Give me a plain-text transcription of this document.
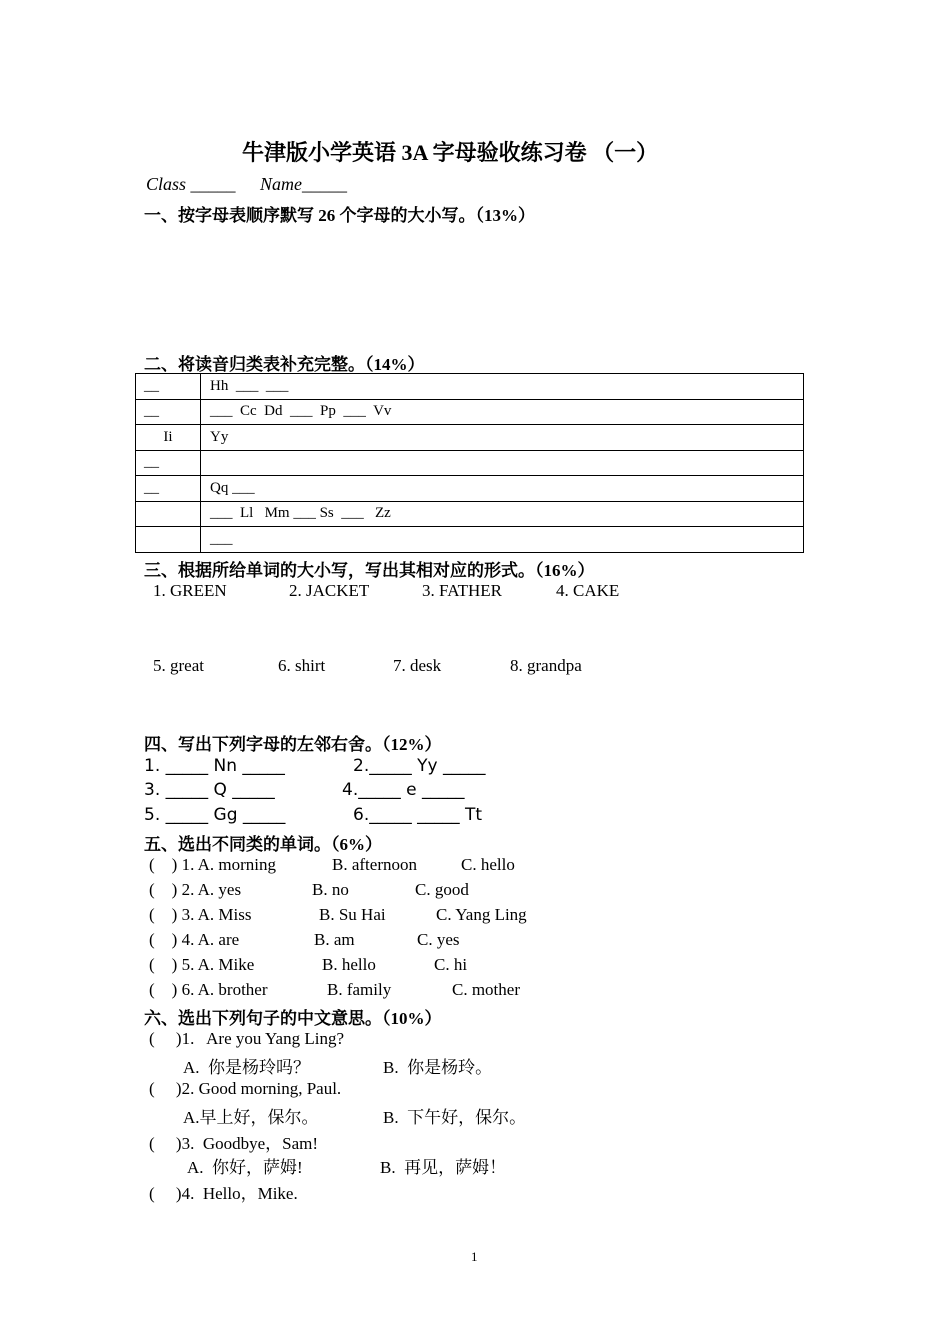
牛津版小学英语 3A 字母验收练习卷 （一）
Class _____ Name_____
一、按字母表顺序默写 26 个字母的大小写。（13%）
二、将读音归类表补充完整。（14%）
__	Hh  ___  ___
__	___  Cc  Dd  ___  Pp  ___  Vv
Ii	Yy
__	
__	Qq ___
	___  Ll   Mm ___ Ss  ___   Zz
	___
三、根据所给单词的大小写，写出其相对应的形式。（16%）
1. GREEN	2. JACKET	3. FATHER	4. CAKE
5. great	6. shirt	7. desk	8. grandpa
四、写出下列字母的左邻右舍。（12%）
1. _____ Nn _____	2._____ Yy _____
3. _____ Q _____	4._____ e _____
5. _____ Gg _____	6._____ _____ Tt
五、选出不同类的单词。（6%）
(    ) 1. A. morning	B. afternoon	C. hello
(    ) 2. A. yes	B. no	C. good
(    ) 3. A. Miss	B. Su Hai	C. Yang Ling
(    ) 4. A. are	B. am	C. yes
(    ) 5. A. Mike	B. hello	C. hi
(    ) 6. A. brother	B. family	C. mother
六、选出下列句子的中文意思。（10%）
(     )1.   Are you Yang Ling?
A.  你是杨玲吗？	B.  你是杨玲。
(     )2. Good morning, Paul.
A.早上好，保尔。	B.  下午好，保尔。
(     )3.  Goodbye，Sam!
A.  你好，萨姆!	B.  再见，萨姆！
(     )4.  Hello，Mike.
1
